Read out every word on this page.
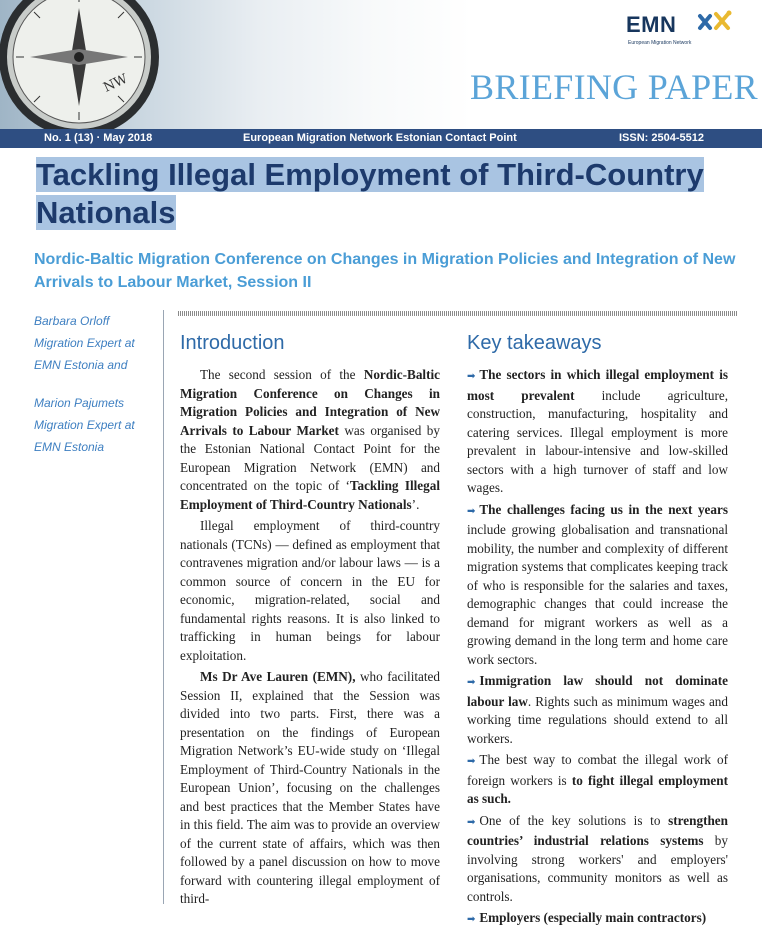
NW
EMN
European Migration Network
BRIEFING PAPER
No. 1 (13) · May 2018	European Migration Network Estonian Contact Point	ISSN: 2504-5512
Tackling Illegal Employment of Third-Country
Nationals
Nordic-Baltic Migration Conference on Changes in Migration Policies and Integration of New Arrivals to Labour Market, Session II
Barbara Orloff
Migration Expert at
EMN Estonia and
Marion Pajumets
Migration Expert at
EMN Estonia
Introduction

The second session of the Nordic-Baltic Migration Conference on Changes in Migration Policies and Integration of New Arrivals to Labour Market was organised by the Estonian National Contact Point for the European Migration Network (EMN) and concentrated on the topic of ‘Tackling Illegal Employment of Third-Country Nationals’.

Illegal employment of third-country nationals (TCNs) — defined as employment that contravenes migration and/or labour laws — is a common source of concern in the EU for economic, migration-related, social and fundamental rights reasons. It is also linked to trafficking in human beings for labour exploitation.

Ms Dr Ave Lauren (EMN), who facilitated Session II, explained that the Session was divided into two parts. First, there was a presentation on the findings of European Migration Network’s EU-wide study on ‘Illegal Employment of Third-Country Nationals in the European Union’, focusing on the challenges and best practices that the Member States have in this field. The aim was to provide an overview of the current state of affairs, which was then followed by a panel discussion on how to move forward with countering illegal employment of third-

Key takeaways

➡ The sectors in which illegal employment is most prevalent include agriculture, construction, manufacturing, hospitality and catering services. Illegal employment is more prevalent in labour-intensive and low-skilled sectors with a high turnover of staff and low wages.

➡ The challenges facing us in the next years include growing globalisation and transnational mobility, the number and complexity of different migration systems that complicates keeping track of who is responsible for the salaries and taxes, demographic changes that could increase the demand for migrant workers as well as a growing demand in the long term and home care work sectors.

➡ Immigration law should not dominate labour law. Rights such as minimum wages and working time regulations should extend to all workers.

➡ The best way to combat the illegal work of foreign workers is to fight illegal employment as such.

➡ One of the key solutions is to strengthen countries’ industrial relations systems by involving strong workers' and employers' organisations, community monitors as well as controls.

➡ Employers (especially main contractors)
